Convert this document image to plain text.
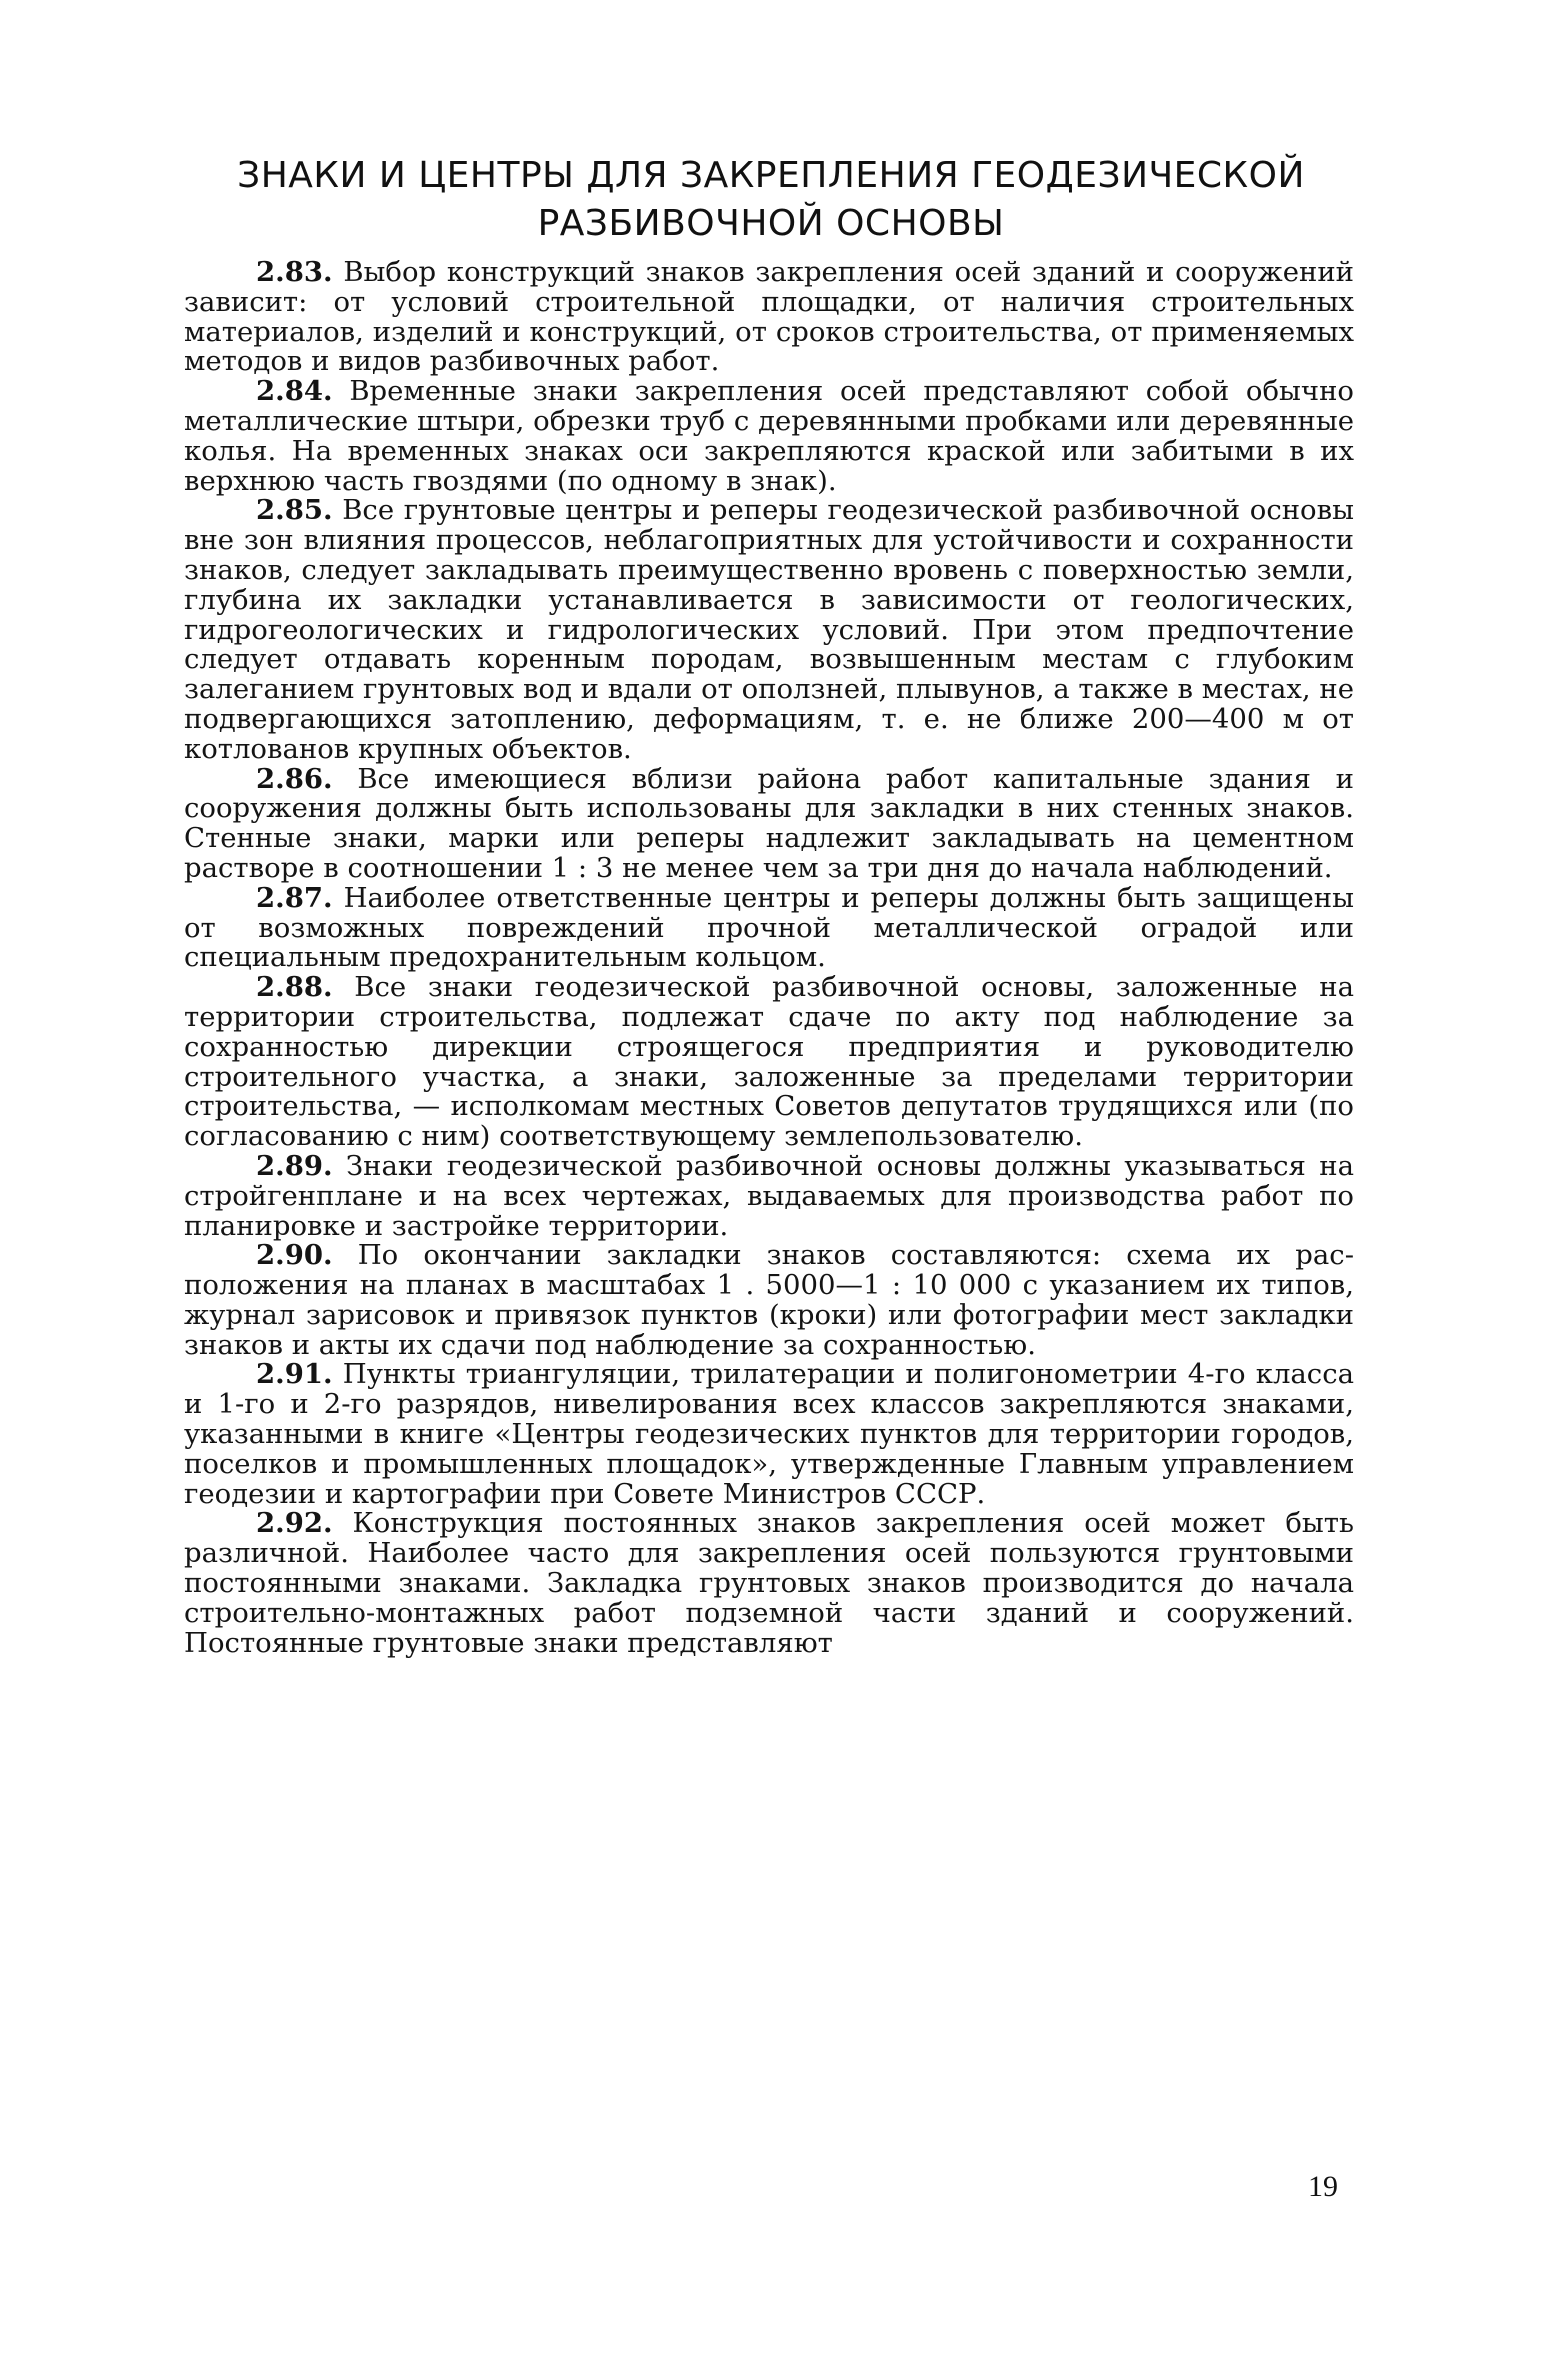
ЗНАКИ И ЦЕНТРЫ ДЛЯ ЗАКРЕПЛЕНИЯ ГЕОДЕЗИЧЕСКОЙ
РАЗБИВОЧНОЙ ОСНОВЫ

2.83. Выбор конструкций знаков закрепления осей зданий и сооружений зависит: от условий строительной площадки, от наличия строительных материалов, изделий и конструкций, от сроков строительства, от применяемых методов и видов разбивочных работ.

2.84. Временные знаки закрепления осей представляют собой обычно металлические штыри, обрезки труб с деревянными пробками или деревянные колья. На временных знаках оси закрепляются краской или забитыми в их верхнюю часть гвоздями (по одному в знак).

2.85. Все грунтовые центры и реперы геодезической разбивочной основы вне зон влияния процессов, неблагоприятных для устойчивости и сохранности знаков, следует закладывать преимущественно вровень с поверхностью земли, глубина их закладки устанавливается в зависимости от геологических, гидрогеологических и гидрологических условий. При этом предпочтение следует отдавать коренным породам, возвышенным местам с глубоким залеганием грунтовых вод и вдали от оползней, плывунов, а также в местах, не подвергающихся затоплению, деформациям, т. е. не ближе 200—400 м от котлованов крупных объектов.

2.86. Все имеющиеся вблизи района работ капитальные здания и сооружения должны быть использованы для закладки в них стенных знаков. Стенные знаки, марки или реперы надлежит закладывать на цементном растворе в соотношении 1 : 3 не менее чем за три дня до начала наблюдений.

2.87. Наиболее ответственные центры и реперы должны быть защищены от возможных повреждений прочной металлической оградой или специальным предохранительным кольцом.

2.88. Все знаки геодезической разбивочной основы, заложенные на территории строительства, подлежат сдаче по акту под наблюдение за сохранностью дирекции строящегося предприятия и руководителю строительного участка, а знаки, заложенные за пределами территории строительства, — исполкомам местных Советов депутатов трудящихся или (по согласованию с ним) соответствующему землепользователю.

2.89. Знаки геодезической разбивочной основы должны указываться на стройгенплане и на всех чертежах, выдаваемых для производства работ по планировке и застройке территории.

2.90. По окончании закладки знаков составляются: схема их расположения на планах в масштабах 1 . 5000—1 : 10 000 с указанием их типов, журнал зарисовок и привязок пунктов (кроки) или фотографии мест закладки знаков и акты их сдачи под наблюдение за сохранностью.

2.91. Пункты триангуляции, трилатерации и полигонометрии 4-го класса и 1-го и 2-го разрядов, нивелирования всех классов закрепляются знаками, указанными в книге «Центры геодезических пунктов для территории городов, поселков и промышленных площадок», утвержденные Главным управлением геодезии и картографии при Совете Министров СССР.

2.92. Конструкция постоянных знаков закрепления осей может быть различной. Наиболее часто для закрепления осей пользуются грунтовыми постоянными знаками. Закладка грунтовых знаков производится до начала строительно-монтажных работ подземной части зданий и сооружений. Постоянные грунтовые знаки представляют

19
